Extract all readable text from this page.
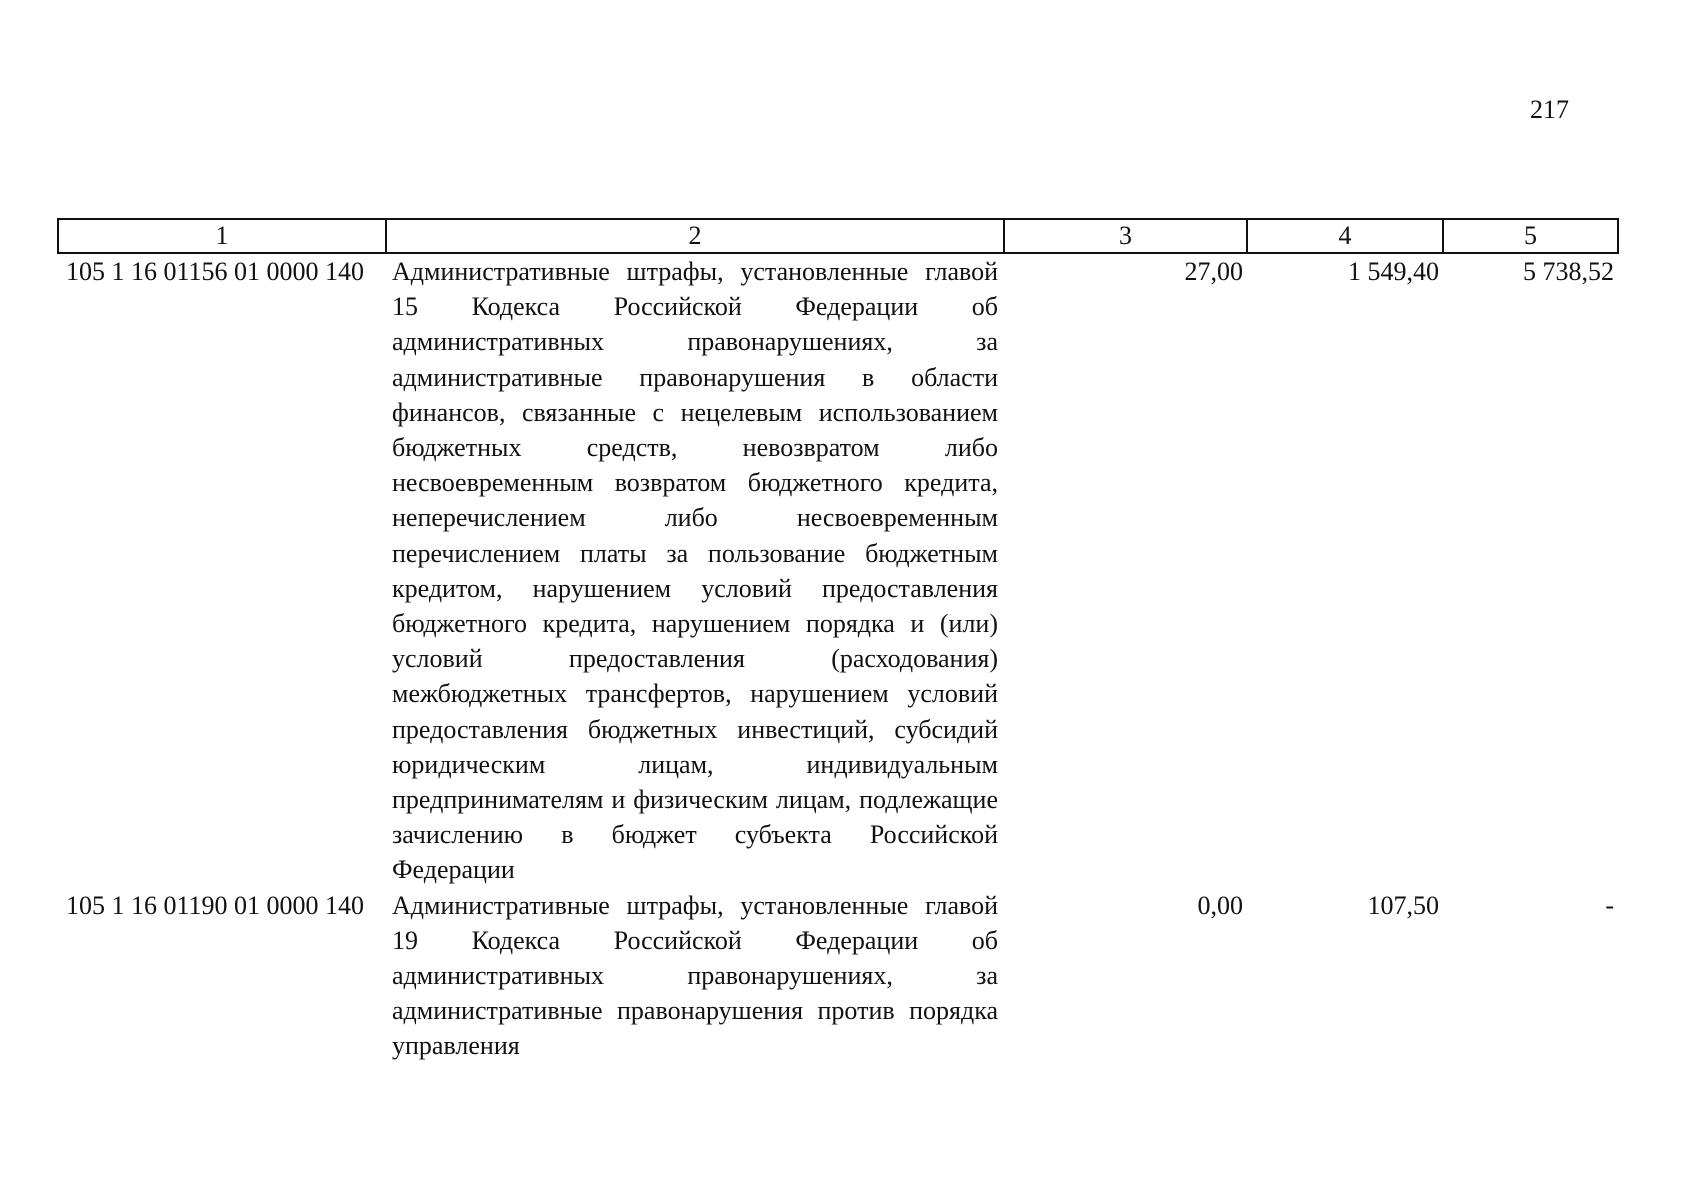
217
1	2	3	4	5
105 1 16 01156 01 0000 140	Административные штрафы, установленные главой 15 Кодекса Российской Федерации об административных правонарушениях, за административные правонарушения в области финансов, связанные с нецелевым использованием бюджетных средств, невозвратом либо несвоевременным возвратом бюджетного кредита, неперечислением либо несвоевременным перечислением платы за пользование бюджетным кредитом, нарушением условий предоставления бюджетного кредита, нарушением порядка и (или) условий предоставления (расходования) межбюджетных трансфертов, нарушением условий предоставления бюджетных инвестиций, субсидий юридическим лицам, индивидуальным предпринимателям и физическим лицам, подлежащие зачислению в бюджет субъекта Российской Федерации	27,00	1 549,40	5 738,52
105 1 16 01190 01 0000 140	Административные штрафы, установленные главой 19 Кодекса Российской Федерации об административных правонарушениях, за административные правонарушения против порядка управления	0,00	107,50	-
